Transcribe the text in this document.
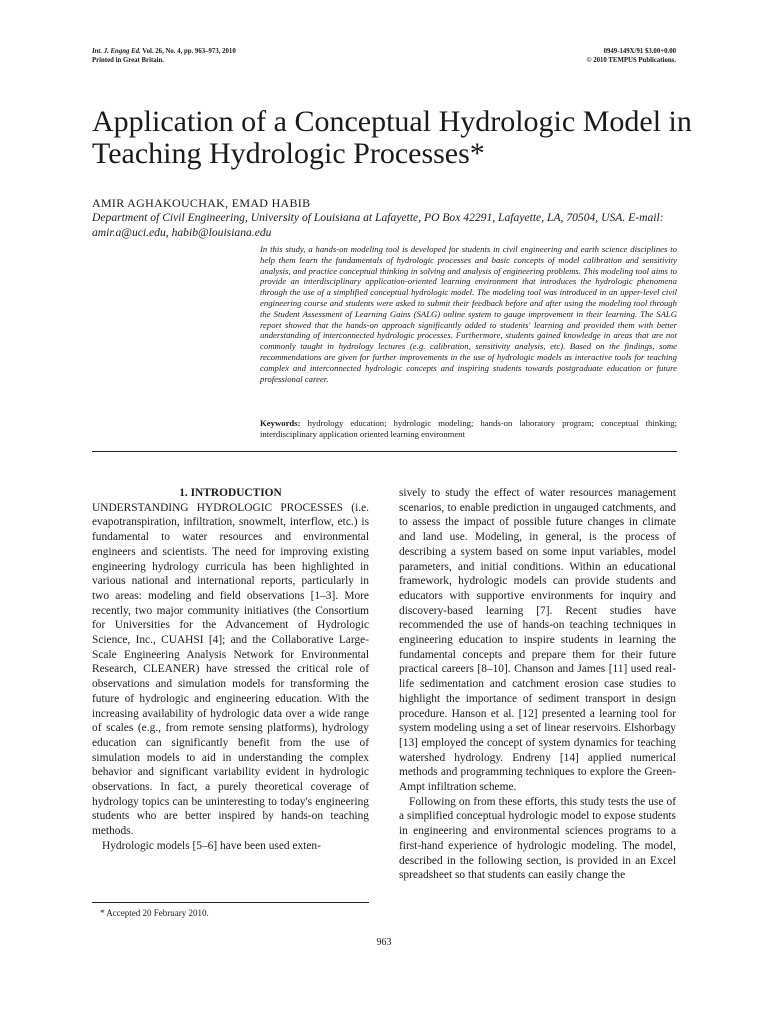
Int. J. Engng Ed. Vol. 26, No. 4, pp. 963–973, 2010
Printed in Great Britain.
0949-149X/91 $3.00+0.00
© 2010 TEMPUS Publications.
Application of a Conceptual Hydrologic Model in Teaching Hydrologic Processes*
AMIR AGHAKOUCHAK, EMAD HABIB
Department of Civil Engineering, University of Louisiana at Lafayette, PO Box 42291, Lafayette, LA, 70504, USA. E-mail: amir.a@uci.edu, habib@louisiana.edu

In this study, a hands-on modeling tool is developed for students in civil engineering and earth science disciplines to help them learn the fundamentals of hydrologic processes and basic concepts of model calibration and sensitivity analysis, and practice conceptual thinking in solving and analysis of engineering problems. This modeling tool aims to provide an interdisciplinary application-oriented learning environment that introduces the hydrologic phenomena through the use of a simplified conceptual hydrologic model. The modeling tool was introduced in an upper-level civil engineering course and students were asked to submit their feedback before and after using the modeling tool through the Student Assessment of Learning Gains (SALG) online system to gauge improvement in their learning. The SALG report showed that the hands-on approach significantly added to students' learning and provided them with better understanding of interconnected hydrologic processes. Furthermore, students gained knowledge in areas that are not commonly taught in hydrology lectures (e.g. calibration, sensitivity analysis, etc). Based on the findings, some recommendations are given for further improvements in the use of hydrologic models as interactive tools for teaching complex and interconnected hydrologic concepts and inspiring students towards postgraduate education or future professional career.

Keywords: hydrology education; hydrologic modeling; hands-on laboratory program; conceptual thinking; interdisciplinary application oriented learning environment

1. INTRODUCTION

UNDERSTANDING HYDROLOGIC PROCESSES (i.e. evapotranspiration, infiltration, snowmelt, interflow, etc.) is fundamental to water resources and environmental engineers and scientists. The need for improving existing engineering hydrology curricula has been highlighted in various national and international reports, particularly in two areas: modeling and field observations [1–3]. More recently, two major community initiatives (the Consortium for Universities for the Advancement of Hydrologic Science, Inc., CUAHSI [4]; and the Collaborative Large-Scale Engineering Analysis Network for Environmental Research, CLEANER) have stressed the critical role of observations and simulation models for transforming the future of hydrologic and engineering education. With the increasing availability of hydrologic data over a wide range of scales (e.g., from remote sensing platforms), hydrology education can significantly benefit from the use of simulation models to aid in understanding the complex behavior and significant variability evident in hydrologic observations. In fact, a purely theoretical coverage of hydrology topics can be uninteresting to today's engineering students who are better inspired by hands-on teaching methods.

Hydrologic models [5–6] have been used exten-

sively to study the effect of water resources management scenarios, to enable prediction in ungauged catchments, and to assess the impact of possible future changes in climate and land use. Modeling, in general, is the process of describing a system based on some input variables, model parameters, and initial conditions. Within an educational framework, hydrologic models can provide students and educators with supportive environments for inquiry and discovery-based learning [7]. Recent studies have recommended the use of hands-on teaching techniques in engineering education to inspire students in learning the fundamental concepts and prepare them for their future practical careers [8–10]. Chanson and James [11] used real-life sedimentation and catchment erosion case studies to highlight the importance of sediment transport in design procedure. Hanson et al. [12] presented a learning tool for system modeling using a set of linear reservoirs. Elshorbagy [13] employed the concept of system dynamics for teaching watershed hydrology. Endreny [14] applied numerical methods and programming techniques to explore the Green-Ampt infiltration scheme.

Following on from these efforts, this study tests the use of a simplified conceptual hydrologic model to expose students in engineering and environmental sciences programs to a first-hand experience of hydrologic modeling. The model, described in the following section, is provided in an Excel spreadsheet so that students can easily change the

* Accepted 20 February 2010.
963
